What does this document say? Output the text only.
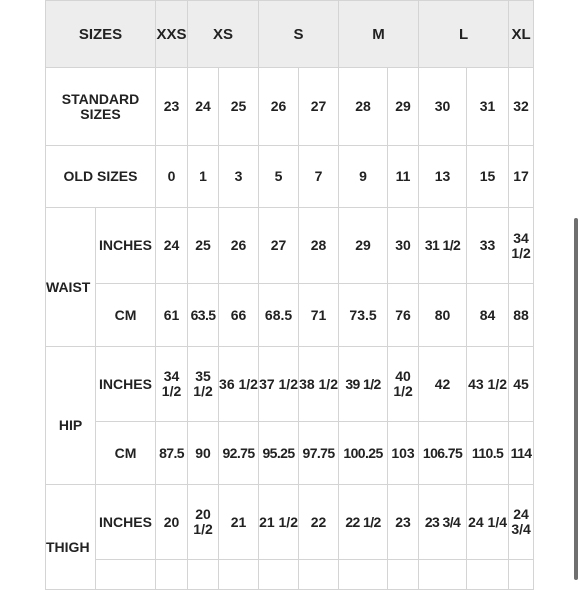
SIZES		XXS	XS		S		M		L		XL
STANDARD SIZES		23	24	25	26	27	28	29	30	31	32
OLD SIZES		0	1	3	5	7	9	11	13	15	17

WAIST	INCHES	24	25	26	27	28	29	30	31 1/2	33	34 1/2
	CM	61	63.5	66	68.5	71	73.5	76	80	84	88

HIP	INCHES	34 1/2	35 1/2	36 1/2	37 1/2	38 1/2	39 1/2	40 1/2	42	43 1/2	45
	CM	87.5	90	92.75	95.25	97.75	100.25	103	106.75	110.5	114

THIGH	INCHES	20	20 1/2	21	21 1/2	22	22 1/2	23	23 3/4	24 1/4	24 3/4
